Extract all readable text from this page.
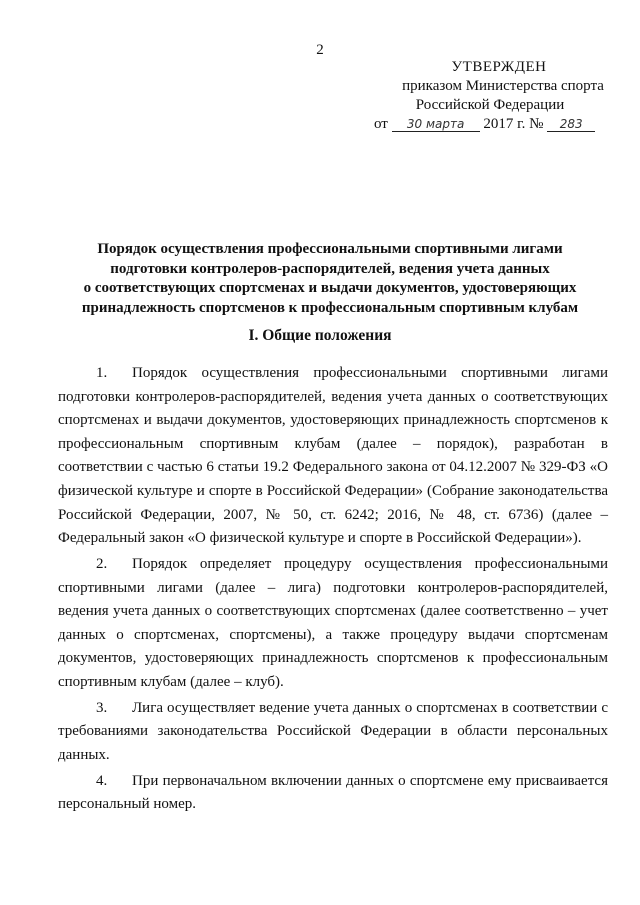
2
УТВЕРЖДЕН
приказом Министерства спорта
Российской Федерации
от 30 марта 2017 г. № 283
Порядок осуществления профессиональными спортивными лигами
подготовки контролеров-распорядителей, ведения учета данных
о соответствующих спортсменах и выдачи документов, удостоверяющих
принадлежность спортсменов к профессиональным спортивным клубам
I. Общие положения

1. Порядок осуществления профессиональными спортивными лигами подготовки контролеров-распорядителей, ведения учета данных о соответствующих спортсменах и выдачи документов, удостоверяющих принадлежность спортсменов к профессиональным спортивным клубам (далее – порядок), разработан в соответствии с частью 6 статьи 19.2 Федерального закона от 04.12.2007 № 329-ФЗ «О физической культуре и спорте в Российской Федерации» (Собрание законодательства Российской Федерации, 2007, № 50, ст. 6242; 2016, № 48, ст. 6736) (далее – Федеральный закон «О физической культуре и спорте в Российской Федерации»).

2. Порядок определяет процедуру осуществления профессиональными спортивными лигами (далее – лига) подготовки контролеров-распорядителей, ведения учета данных о соответствующих спортсменах (далее соответственно – учет данных о спортсменах, спортсмены), а также процедуру выдачи спортсменам документов, удостоверяющих принадлежность спортсменов к профессиональным спортивным клубам (далее – клуб).

3. Лига осуществляет ведение учета данных о спортсменах в соответствии с требованиями законодательства Российской Федерации в области персональных данных.

4. При первоначальном включении данных о спортсмене ему присваивается персональный номер.
